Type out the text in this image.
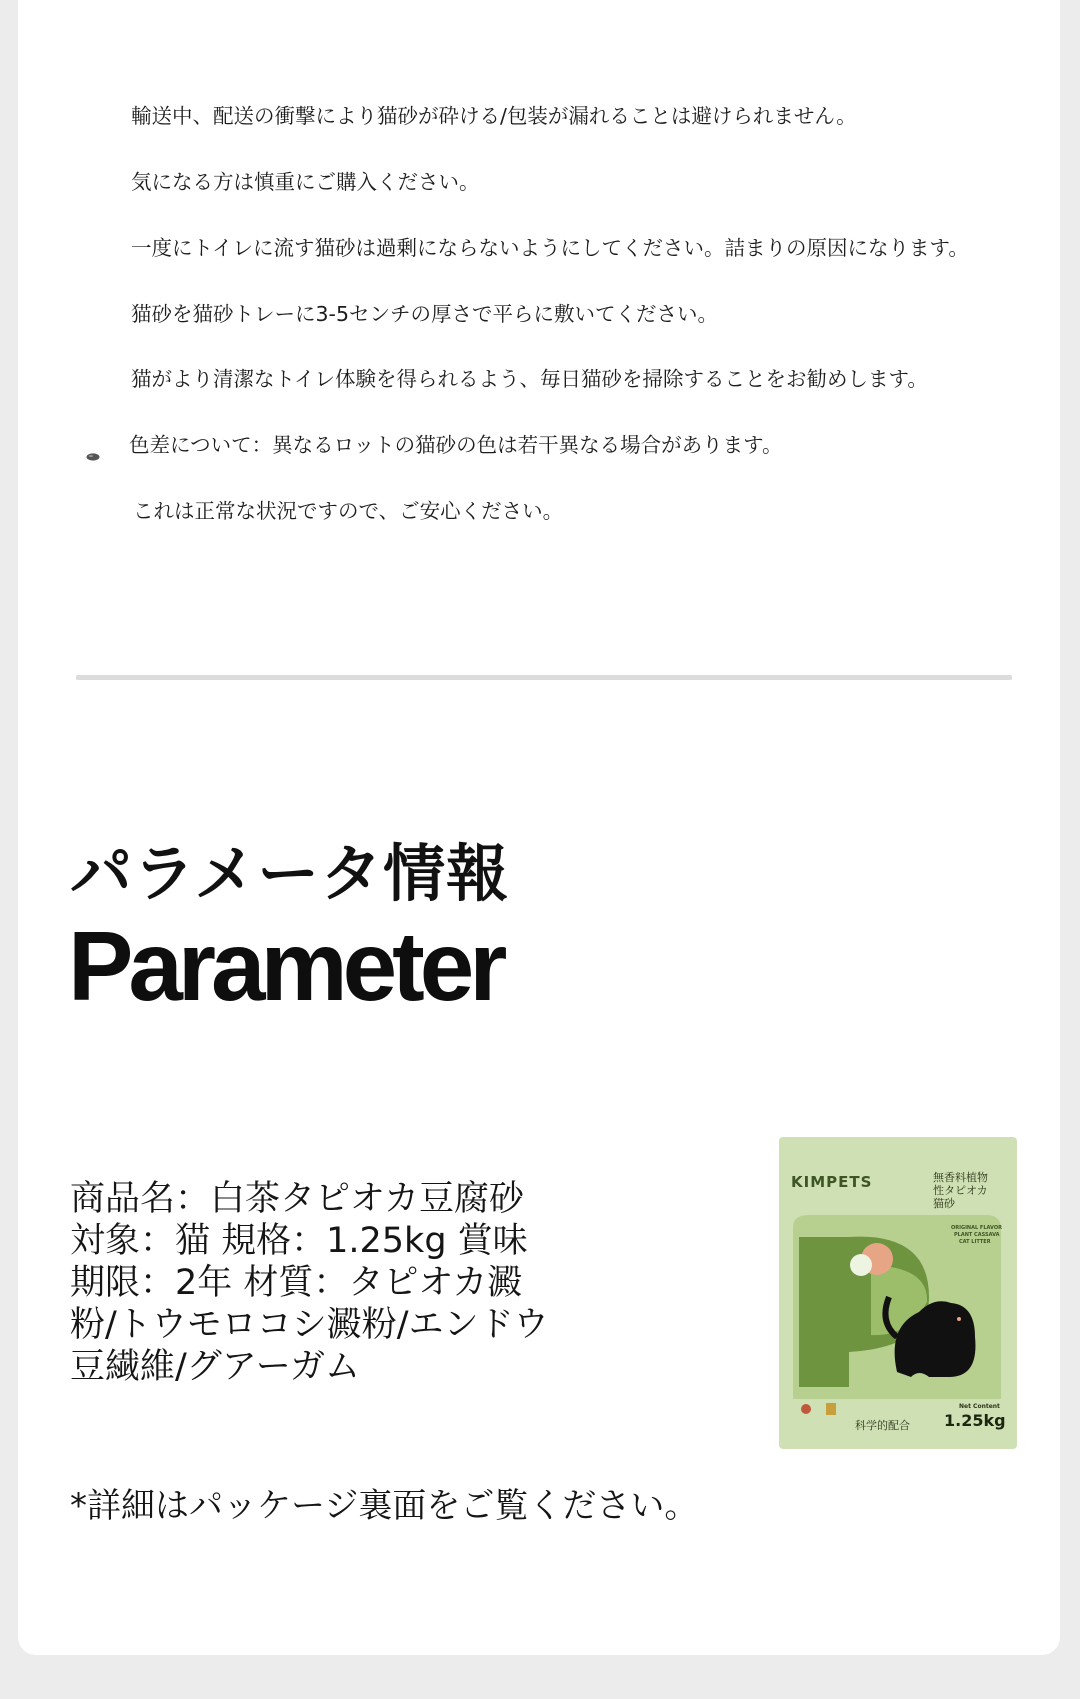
輸送中、配送の衝撃により猫砂が砕ける/包装が漏れることは避けられません。
気になる方は慎重にご購入ください。
一度にトイレに流す猫砂は過剰にならないようにしてください。詰まりの原因になります。
猫砂を猫砂トレーに3-5センチの厚さで平らに敷いてください。
猫がより清潔なトイレ体験を得られるよう、毎日猫砂を掃除することをお勧めします。
色差について：異なるロットの猫砂の色は若干異なる場合があります。
これは正常な状況ですので、ご安心ください。
パラメータ情報
Parameter
商品名：白茶タピオカ豆腐砂 対象：猫 規格：1.25kg 賞味期限：2年 材質：タピオカ澱粉/トウモロコシ澱粉/エンドウ豆繊維/グアーガム
KIMPETS	無香料植物性タピオカ猫砂
ORIGINAL FLAVOR
PLANT CASSAVA
CAT LITTER
Net Content
1.25kg
科学的配合
*詳細はパッケージ裏面をご覧ください。
